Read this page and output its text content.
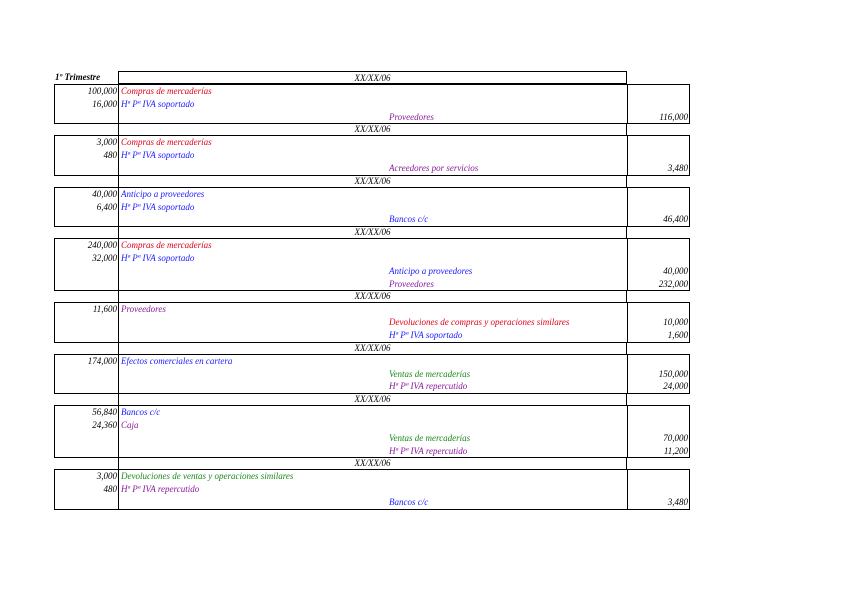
1º Trimestre	XX/XX/06
100,000 Compras de mercaderías
16,000 Hª Pª IVA soportado
Proveedores	116,000
XX/XX/06
3,000 Compras de mercaderías
480 Hª Pª IVA soportado
Acreedores por servicios	3,480
XX/XX/06
40,000 Anticipo a proveedores
6,400 Hª Pª IVA soportado
Bancos c/c	46,400
XX/XX/06
240,000 Compras de mercaderías
32,000 Hª Pª IVA soportado
Anticipo a proveedores	40,000
Proveedores	232,000
XX/XX/06
11,600 Proveedores
Devoluciones de compras y operaciones similares	10,000
Hª Pª IVA soportado	1,600
XX/XX/06
174,000 Efectos comerciales en cartera
Ventas de mercaderías	150,000
Hª Pª IVA repercutido	24,000
XX/XX/06
56,840 Bancos c/c
24,360 Caja
Ventas de mercaderías	70,000
Hª Pª IVA repercutido	11,200
XX/XX/06
3,000 Devoluciones de ventas y operaciones similares
480 Hª Pª IVA repercutido
Bancos c/c	3,480
